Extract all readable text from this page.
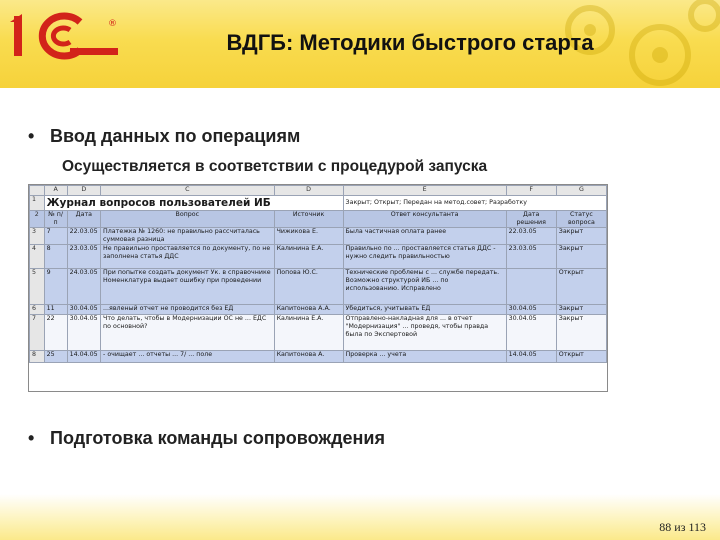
®
ВДГБ: Методики быстрого старта
• Ввод данных по операциям
Осуществляется в соответствии с процедурой запуска
	A	D	C	D	E	F	G
1	Журнал вопросов пользователей ИБ				Закрыт; Открыт; Передан на метод.совет; Разработку		
2	№ п/п	Дата	Вопрос	Источник	Ответ консультанта	Дата решения	Статус вопроса
3	7	22.03.05	Платежка № 1260: не правильно рассчиталась суммовая разница	Чижикова Е.	Была частичная оплата ранее	22.03.05	Закрыт
4	8	23.03.05	Не правильно проставляется по документу, по не заполнена статья ДДС	Калинина Е.А.	Правильно по ... проставляется статья ДДС - нужно следить правильностью	23.03.05	Закрыт
5	9	24.03.05	При попытке создать документ Ук. в справочнике Номенклатура выдает ошибку при проведении	Попова Ю.С.	Технические проблемы с ... службе передать. Возможно структурой ИБ ... по использованию. Исправлено		Открыт
6	11	30.04.05	...явленый отчет не проводится без ЕД	Капитонова А.А.	Убедиться, учитывать ЕД	30.04.05	Закрыт
7	22	30.04.05	Что делать, чтобы в Модернизации ОС не ... ЕДС по основной?	Калинина Е.А.	Отправлено-накладная для ... в отчет "Модернизация" ... проведя, чтобы правда была по Экспертовой	30.04.05	Закрыт
8	25	14.04.05	- очищает ... отчеты ... 7/ ... поле	Капитонова А.	Проверка ... учета	14.04.05	Открыт
• Подготовка команды сопровождения
88 из 113
